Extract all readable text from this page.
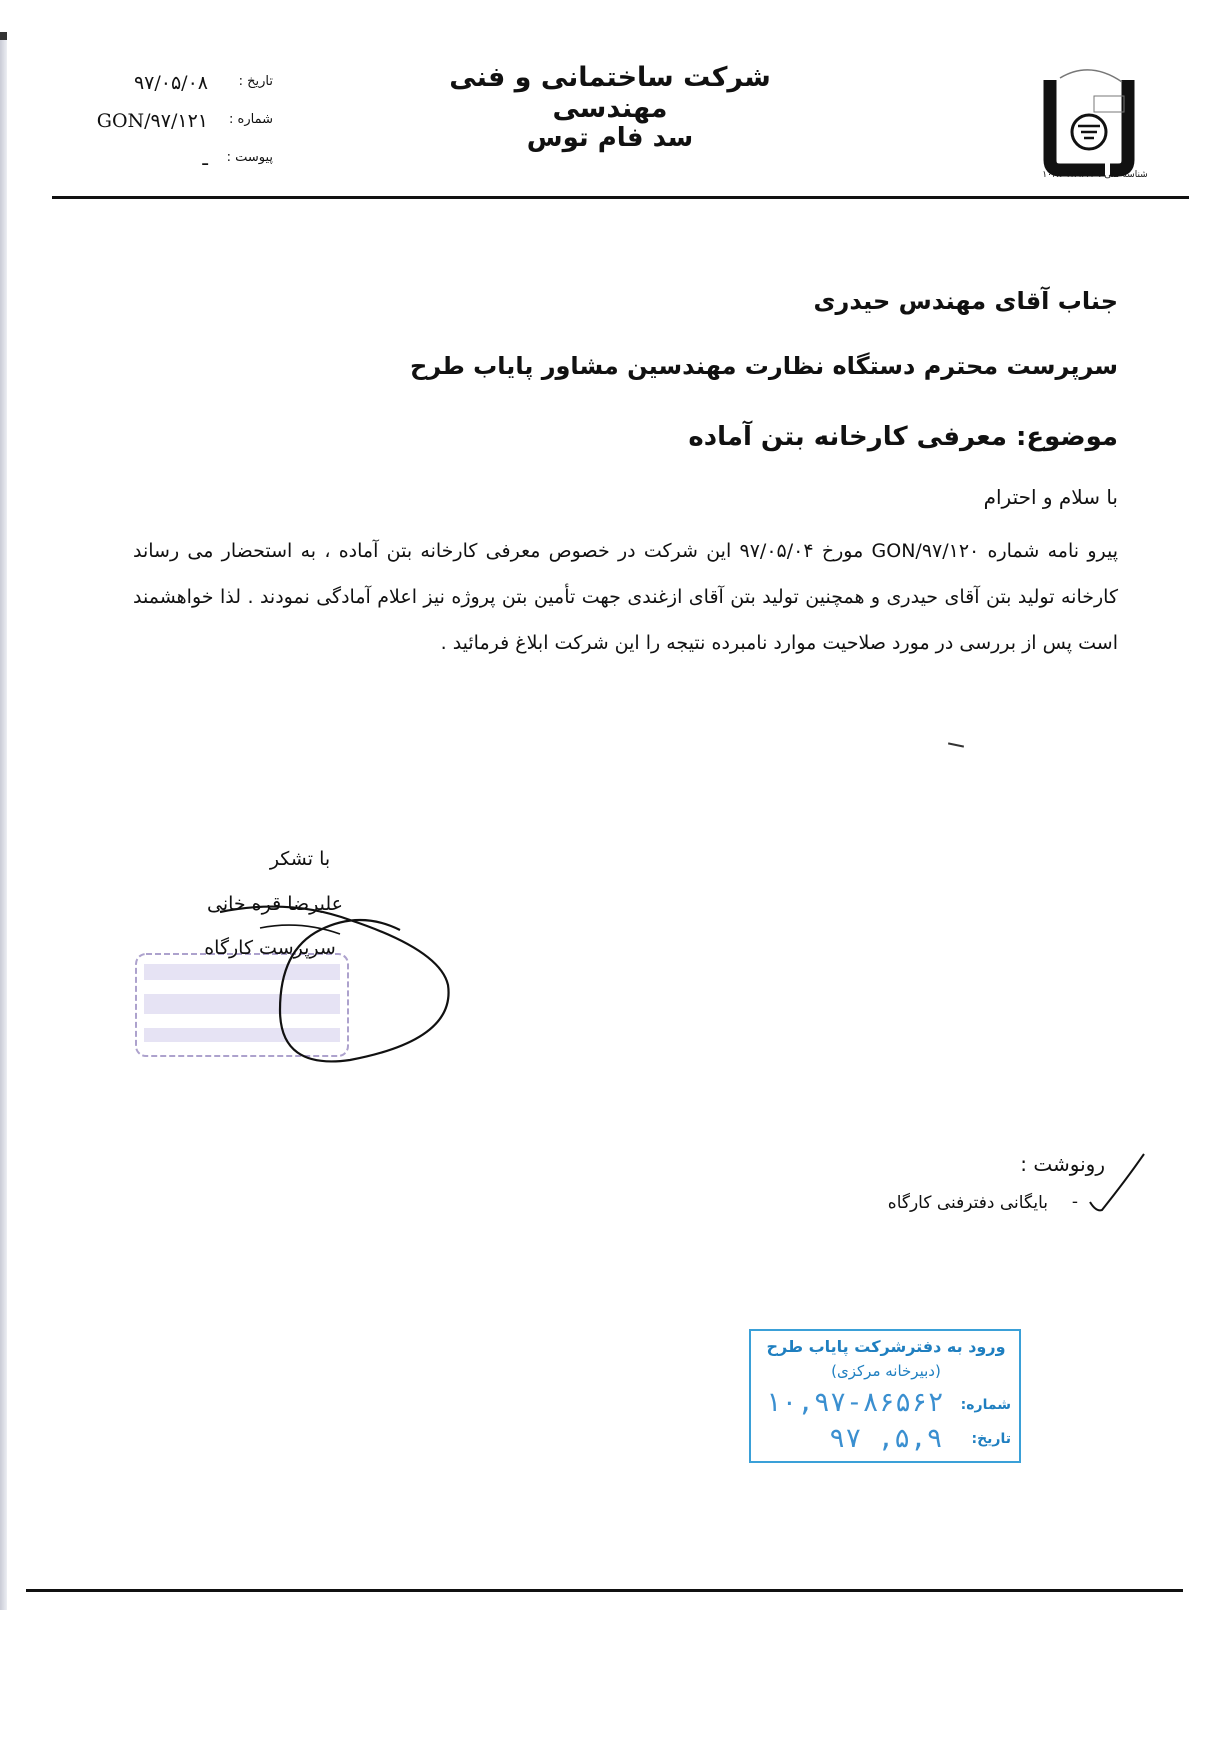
شرکت ساختمانی و فنی مهندسی
سد فام توس
تاریخ :
۹۷/۰۵/۰۸
شماره :
GON/۹۷/۱۲۱
پیوست :
ـ
شناسه ملی : ۱۰۳۸۰۳۸۹۲۴۶
جناب آقای مهندس حیدری
سرپرست محترم دستگاه نظارت مهندسین مشاور پایاب طرح
موضوع: معرفی کارخانه بتن آماده
با سلام و احترام
پیرو نامه شماره GON/۹۷/۱۲۰ مورخ ۹۷/۰۵/۰۴ این شرکت در خصوص معرفی کارخانه بتن آماده ، به استحضار می رساند کارخانه تولید بتن آقای حیدری و همچنین تولید بتن آقای ازغندی جهت تأمین بتن پروژه نیز اعلام آمادگی نمودند . لذا خواهشمند است پس از بررسی در مورد صلاحیت موارد نامبرده نتیجه را این شرکت ابلاغ فرمائید .
با تشکر
علیرضا قره خانی
سرپرست کارگاه
رونوشت :
-
بایگانی دفترفنی کارگاه
ورود به دفترشرکت پایاب طرح
(دبیرخانه مرکزی)
شماره:
۱۰,۹۷-۸۶۵۶۲
تاریخ:
۹۷ ,۵,۹
